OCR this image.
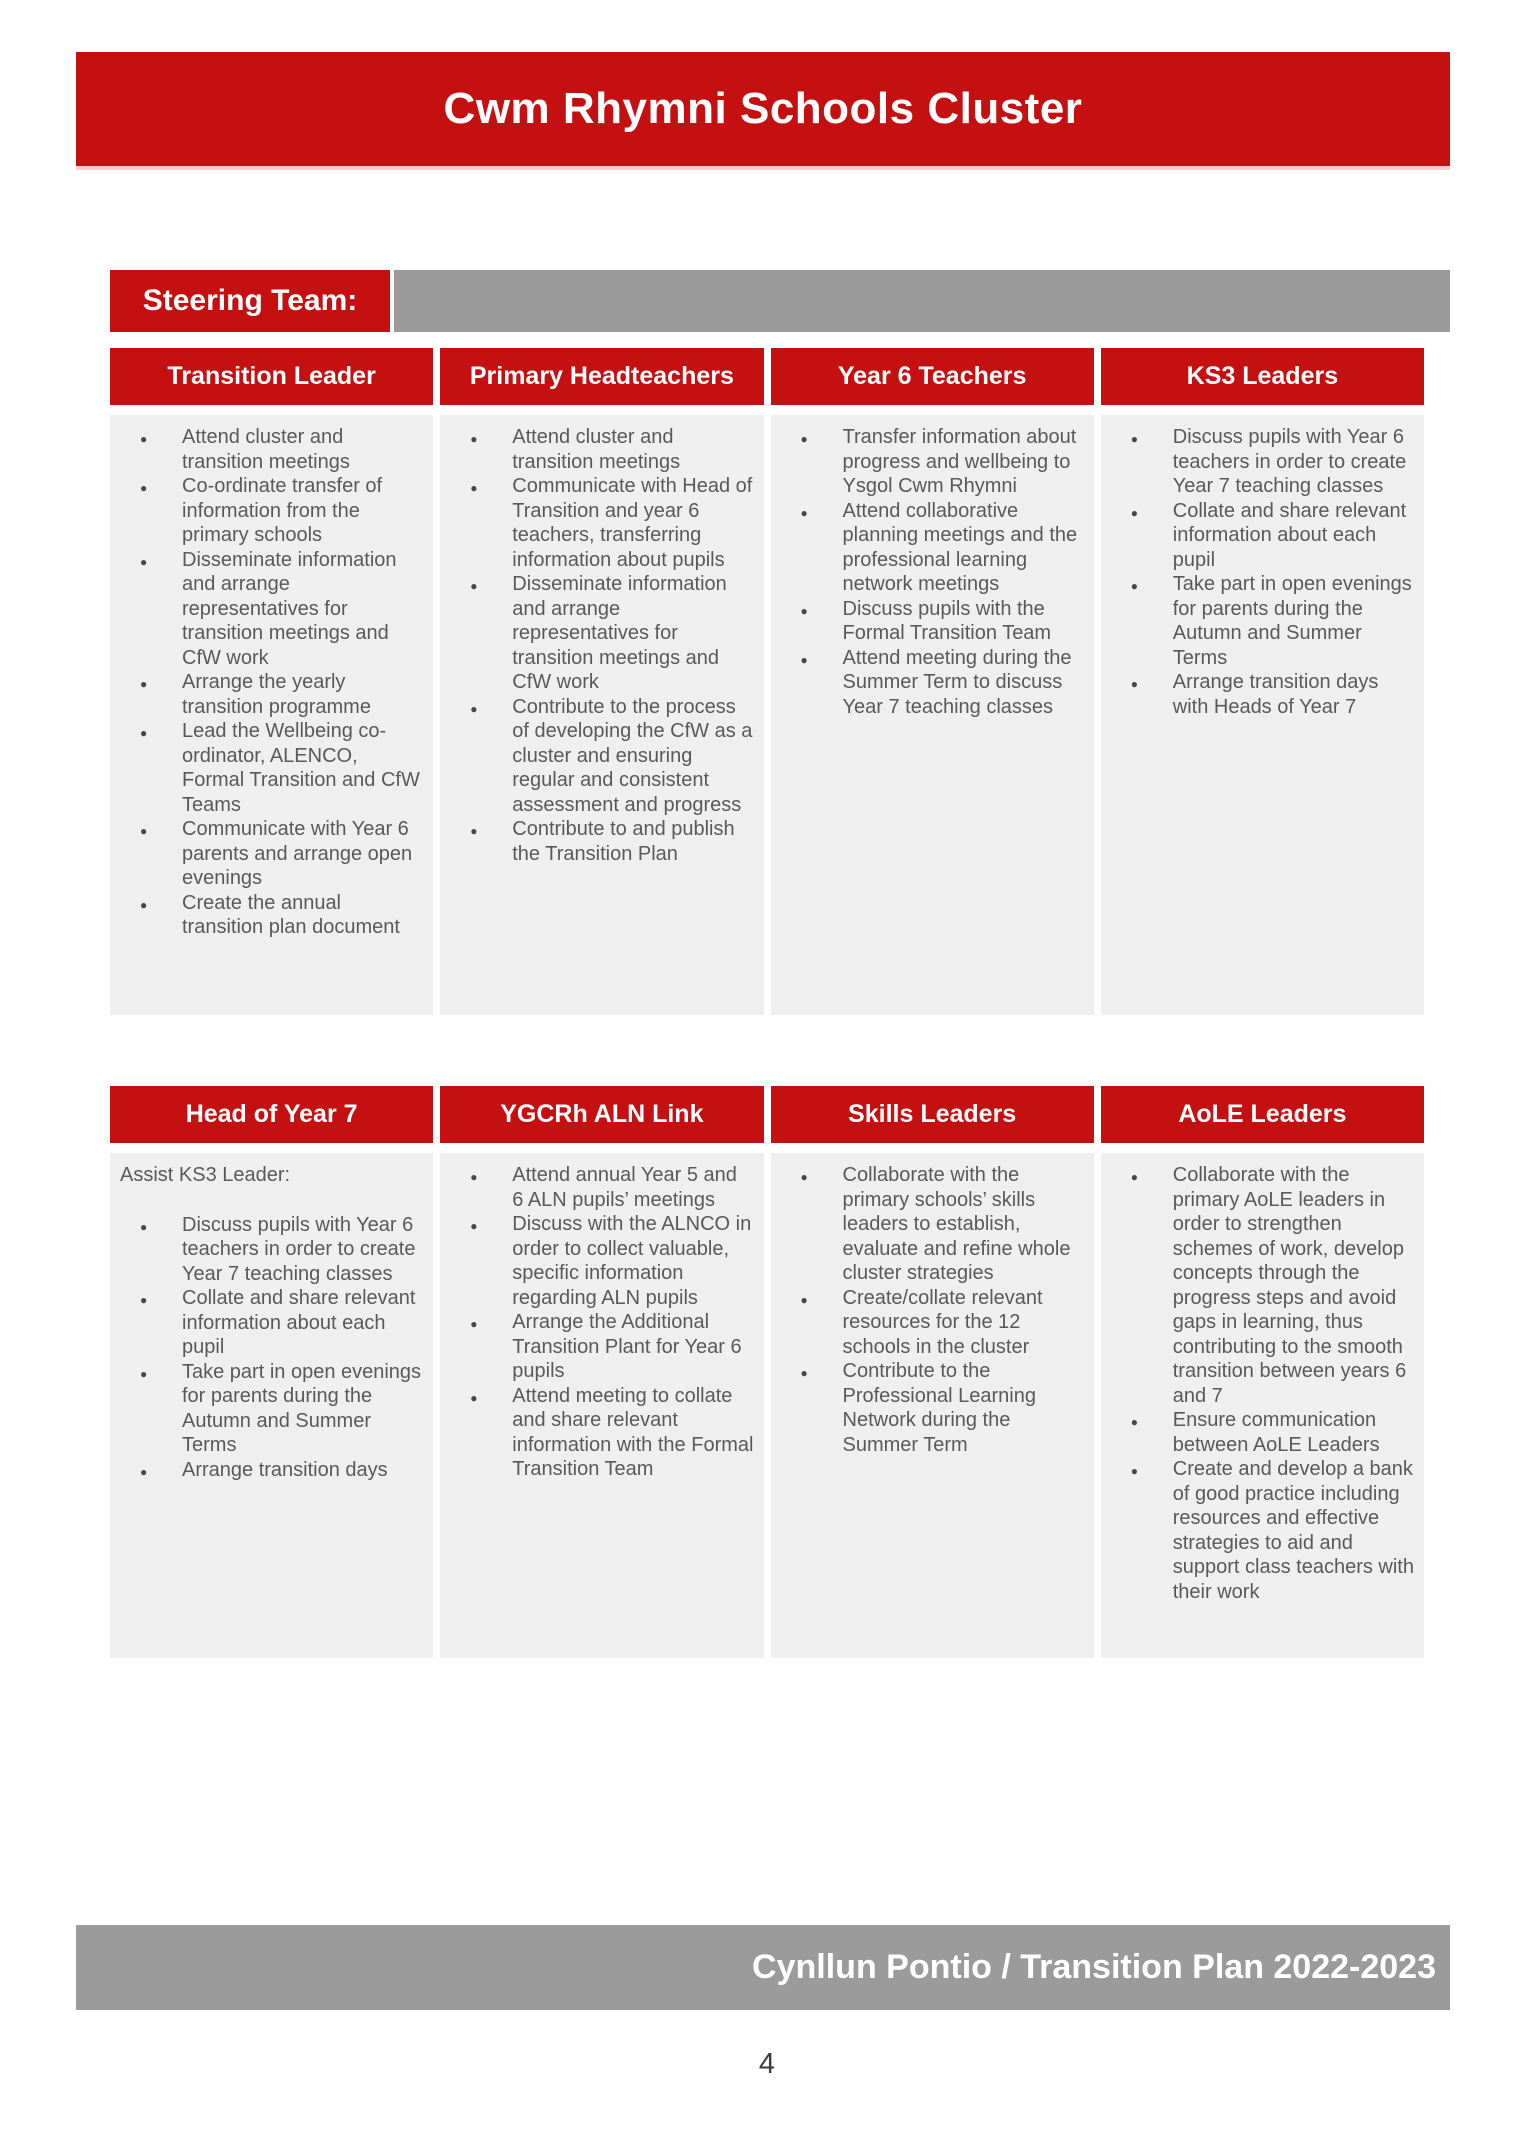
Cwm Rhymni Schools Cluster
Steering Team:
Transition Leader
● Attend cluster and transition meetings
● Co-ordinate transfer of information from the primary schools
● Disseminate information and arrange representatives for transition meetings and CfW work
● Arrange the yearly transition programme
● Lead the Wellbeing co-ordinator, ALENCO, Formal Transition and CfW Teams
● Communicate with Year 6 parents and arrange open evenings
● Create the annual transition plan document
Primary Headteachers
● Attend cluster and transition meetings
● Communicate with Head of Transition and year 6 teachers, transferring information about pupils
● Disseminate information and arrange representatives for transition meetings and CfW work
● Contribute to the process of developing the CfW as a cluster and ensuring regular and consistent assessment and progress
● Contribute to and publish the Transition Plan
Year 6 Teachers
● Transfer information about progress and wellbeing to Ysgol Cwm Rhymni
● Attend collaborative planning meetings and the professional learning network meetings
● Discuss pupils with the Formal Transition Team
● Attend meeting during the Summer Term to discuss Year 7 teaching classes
KS3 Leaders
● Discuss pupils with Year 6 teachers in order to create Year 7 teaching classes
● Collate and share relevant information about each pupil
● Take part in open evenings for parents during the Autumn and Summer Terms
● Arrange transition days with Heads of Year 7
Head of Year 7

Assist KS3 Leader:

● Discuss pupils with Year 6 teachers in order to create Year 7 teaching classes
● Collate and share relevant information about each pupil
● Take part in open evenings for parents during the Autumn and Summer Terms
● Arrange transition days
YGCRh ALN Link
● Attend annual Year 5 and 6 ALN pupils’ meetings
● Discuss with the ALNCO in order to collect valuable, specific information regarding ALN pupils
● Arrange the Additional Transition Plant for Year 6 pupils
● Attend meeting to collate and share relevant information with the Formal Transition Team
Skills Leaders
● Collaborate with the primary schools’ skills leaders to establish, evaluate and refine whole cluster strategies
● Create/collate relevant resources for the 12 schools in the cluster
● Contribute to the Professional Learning Network during the Summer Term
AoLE Leaders
● Collaborate with the primary AoLE leaders in order to strengthen schemes of work, develop concepts through the progress steps and avoid gaps in learning, thus contributing to the smooth transition between years 6 and 7
● Ensure communication between AoLE Leaders
● Create and develop a bank of good practice including resources and effective strategies to aid and support class teachers with their work
Cynllun Pontio / Transition Plan 2022-2023
4
